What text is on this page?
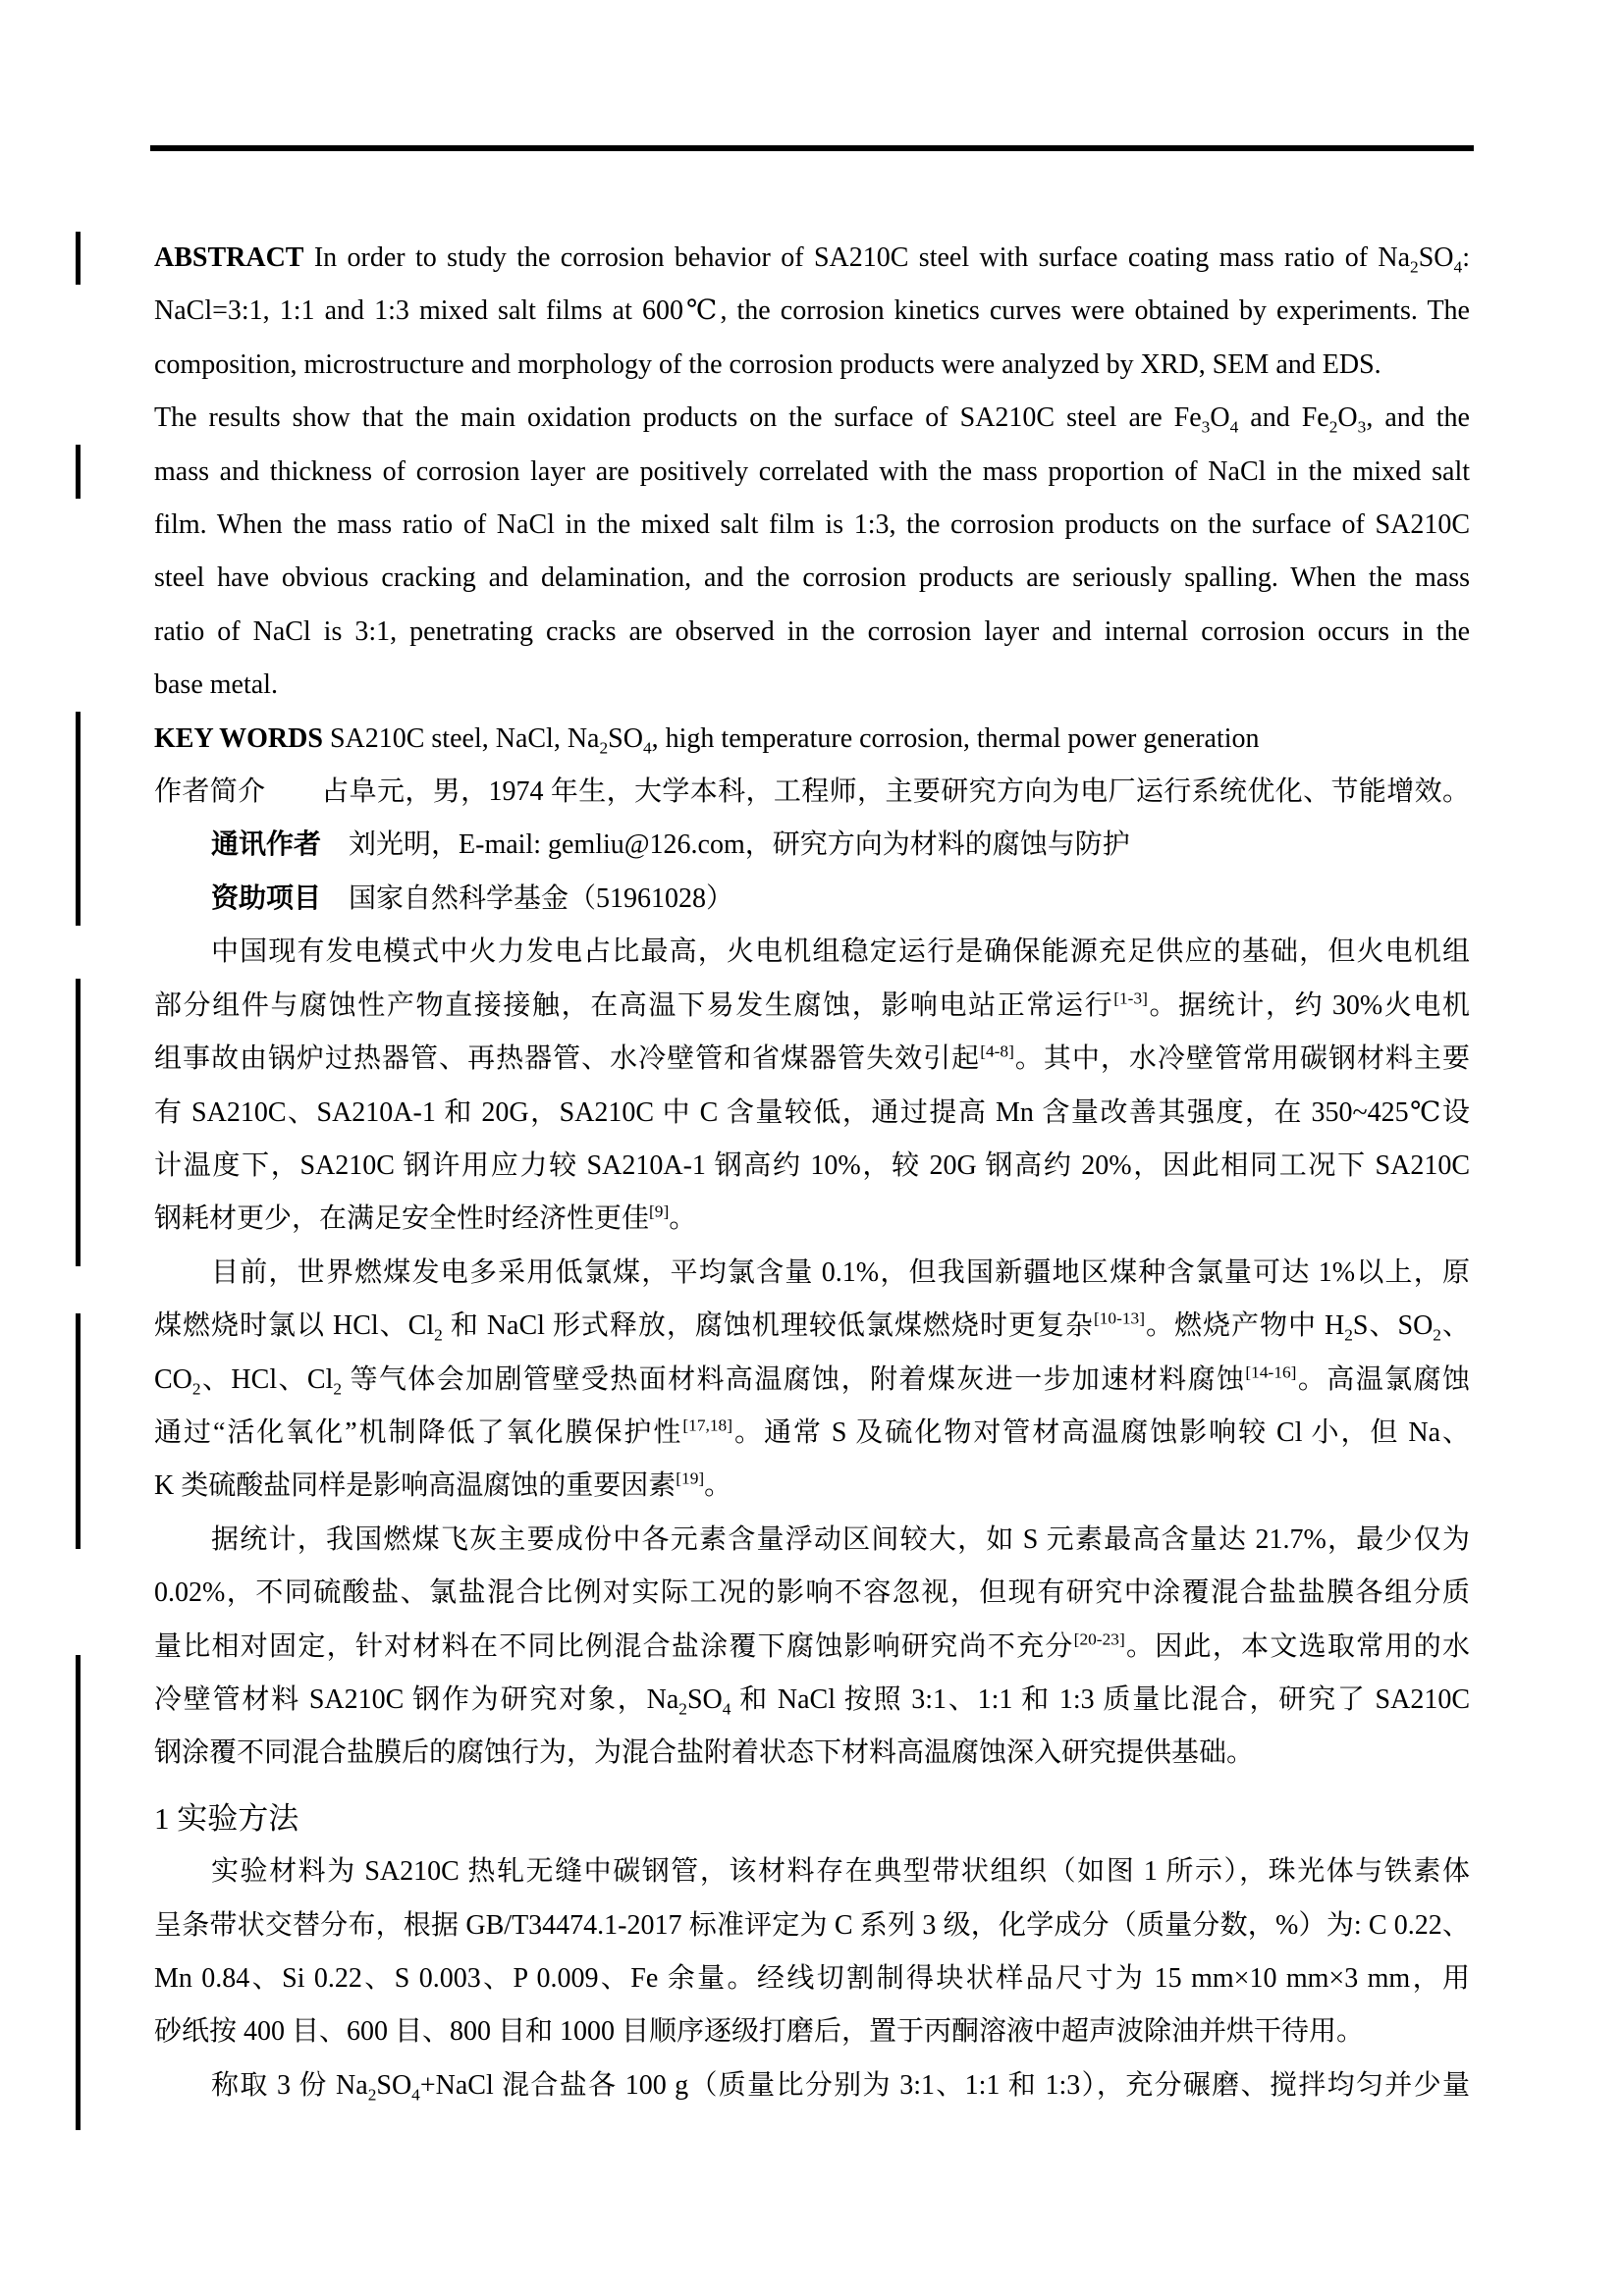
ABSTRACT In order to study the corrosion behavior of SA210C steel with surface coating mass ratio of $Na_2SO_4$:
NaCl=3:1, 1:1 and 1:3 mixed salt films at 600℃, the corrosion kinetics curves were obtained by experiments. The
composition, microstructure and morphology of the corrosion products were analyzed by XRD, SEM and EDS.
The results show that the main oxidation products on the surface of SA210C steel are $Fe_3O_4$ and $Fe_2O_3$, and the
mass and thickness of corrosion layer are positively correlated with the mass proportion of NaCl in the mixed salt
film. When the mass ratio of NaCl in the mixed salt film is 1:3, the corrosion products on the surface of SA210C
steel have obvious cracking and delamination, and the corrosion products are seriously spalling. When the mass
ratio of NaCl is 3:1, penetrating cracks are observed in the corrosion layer and internal corrosion occurs in the
base metal.
KEY WORDS SA210C steel, NaCl, $Na_2SO_4$, high temperature corrosion, thermal power generation
作者简介　　占阜元，男，1974 年生，大学本科，工程师，主要研究方向为电厂运行系统优化、节能增效。
通讯作者　刘光明，E-mail: gemliu@126.com，研究方向为材料的腐蚀与防护
资助项目　国家自然科学基金（51961028）
中国现有发电模式中火力发电占比最高，火电机组稳定运行是确保能源充足供应的基础，但火电机组
部分组件与腐蚀性产物直接接触，在高温下易发生腐蚀，影响电站正常运行[1-3]。据统计，约 30%火电机
组事故由锅炉过热器管、再热器管、水冷壁管和省煤器管失效引起[4-8]。其中，水冷壁管常用碳钢材料主要
有 SA210C、SA210A-1 和 20G，SA210C 中 C 含量较低，通过提高 Mn 含量改善其强度，在 350~425℃设
计温度下，SA210C 钢许用应力较 SA210A-1 钢高约 10%，较 20G 钢高约 20%，因此相同工况下 SA210C
钢耗材更少，在满足安全性时经济性更佳[9]。
目前，世界燃煤发电多采用低氯煤，平均氯含量 0.1%，但我国新疆地区煤种含氯量可达 1%以上，原
煤燃烧时氯以 HCl、$Cl_2$ 和 NaCl 形式释放，腐蚀机理较低氯煤燃烧时更复杂[10-13]。燃烧产物中 $H_2S$、$SO_2$、
$CO_2$、HCl、$Cl_2$ 等气体会加剧管壁受热面材料高温腐蚀，附着煤灰进一步加速材料腐蚀[14-16]。高温氯腐蚀
通过“活化氧化”机制降低了氧化膜保护性[17,18]。通常 S 及硫化物对管材高温腐蚀影响较 Cl 小，但 Na、
K 类硫酸盐同样是影响高温腐蚀的重要因素[19]。
据统计，我国燃煤飞灰主要成份中各元素含量浮动区间较大，如 S 元素最高含量达 21.7%，最少仅为
0.02%，不同硫酸盐、氯盐混合比例对实际工况的影响不容忽视，但现有研究中涂覆混合盐盐膜各组分质
量比相对固定，针对材料在不同比例混合盐涂覆下腐蚀影响研究尚不充分[20-23]。因此，本文选取常用的水
冷壁管材料 SA210C 钢作为研究对象，$Na_2SO_4$ 和 NaCl 按照 3:1、1:1 和 1:3 质量比混合，研究了 SA210C
钢涂覆不同混合盐膜后的腐蚀行为，为混合盐附着状态下材料高温腐蚀深入研究提供基础。
1 实验方法
实验材料为 SA210C 热轧无缝中碳钢管，该材料存在典型带状组织（如图 1 所示），珠光体与铁素体
呈条带状交替分布，根据 GB/T34474.1-2017 标准评定为 C 系列 3 级，化学成分（质量分数，%）为: C 0.22、
Mn 0.84、Si 0.22、S 0.003、P 0.009、Fe 余量。经线切割制得块状样品尺寸为 15 mm×10 mm×3 mm，用
砂纸按 400 目、600 目、800 目和 1000 目顺序逐级打磨后，置于丙酮溶液中超声波除油并烘干待用。
称取 3 份 $Na_2SO_4+NaCl$ 混合盐各 100 g（质量比分别为 3:1、1:1 和 1:3），充分碾磨、搅拌均匀并少量
